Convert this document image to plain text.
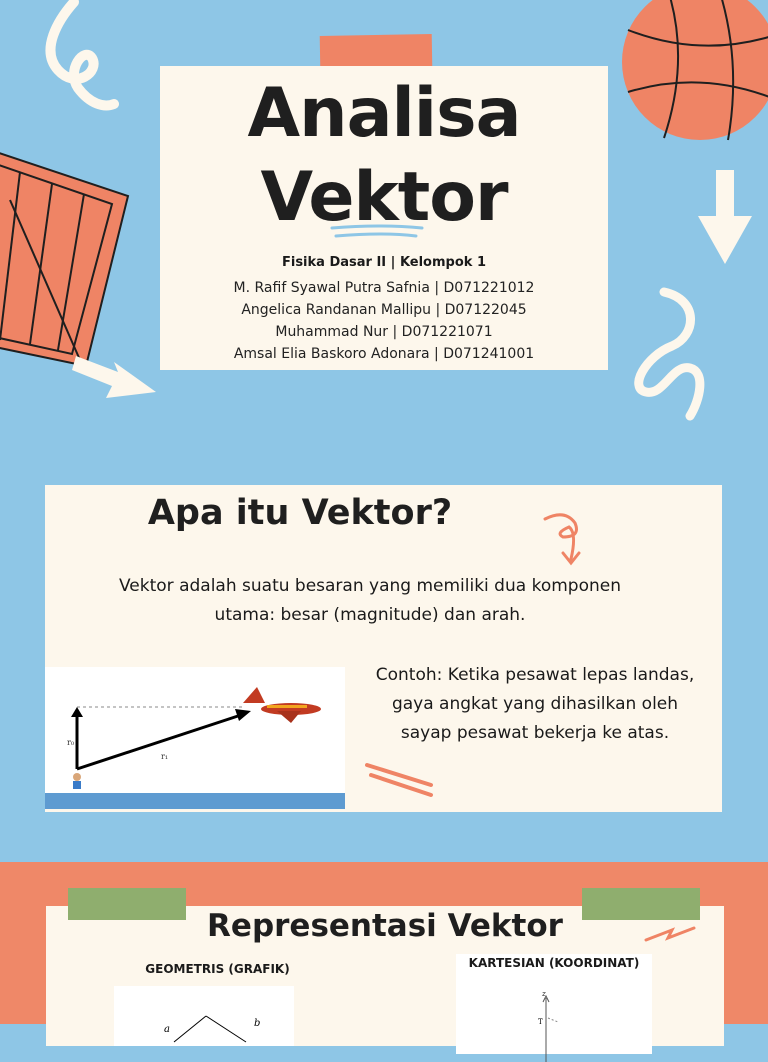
Analisa
Vektor
Fisika Dasar II | Kelompok 1
M. Rafif Syawal Putra Safnia | D071221012
Angelica Randanan Mallipu | D07122045
Muhammad Nur | D071221071
Amsal Elia Baskoro Adonara | D071241001
Apa itu Vektor?
Vektor adalah suatu besaran yang memiliki dua komponen utama: besar (magnitude) dan arah.
r₀
r₁
Contoh: Ketika pesawat lepas landas, gaya angkat yang dihasilkan oleh sayap pesawat bekerja ke atas.
Representasi Vektor
GEOMETRIS (GRAFIK)
a
b
KARTESIAN (KOORDINAT)
z
T
